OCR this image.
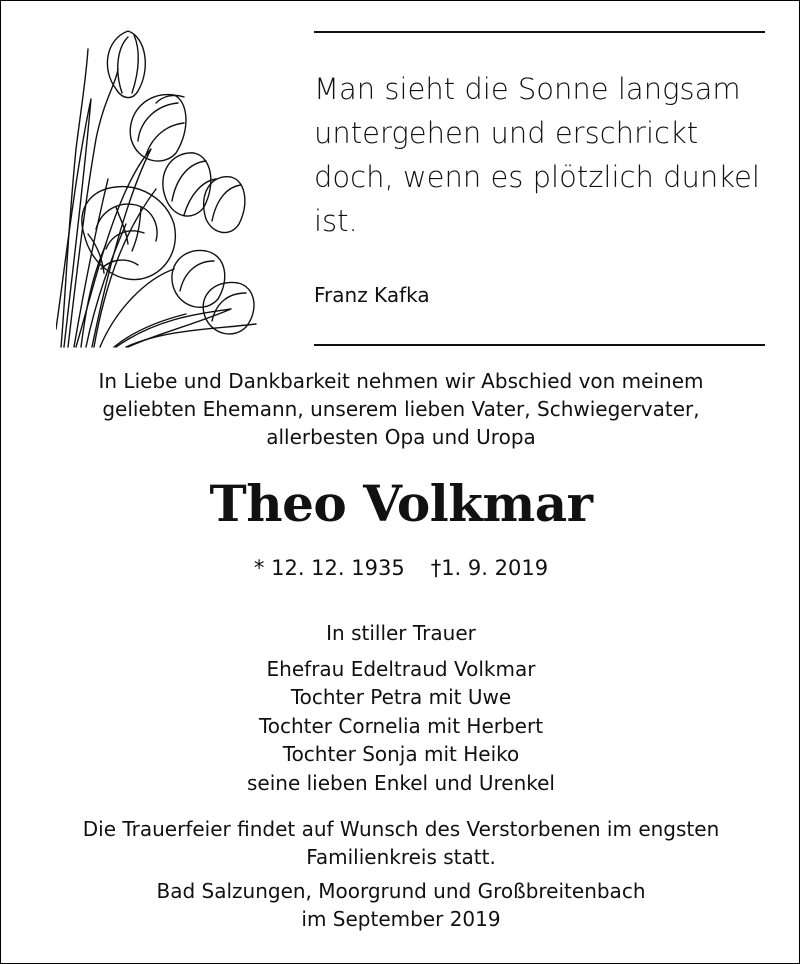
Man sieht die Sonne langsam
untergehen und erschrickt
doch, wenn es plötzlich dunkel
ist.
Franz Kafka
In Liebe und Dankbarkeit nehmen wir Abschied von meinem
geliebten Ehemann, unserem lieben Vater, Schwiegervater,
allerbesten Opa und Uropa
Theo Volkmar
* 12. 12. 1935 †1. 9. 2019
In stiller Trauer
Ehefrau Edeltraud Volkmar
Tochter Petra mit Uwe
Tochter Cornelia mit Herbert
Tochter Sonja mit Heiko
seine lieben Enkel und Urenkel
Die Trauerfeier findet auf Wunsch des Verstorbenen im engsten
Familienkreis statt.
Bad Salzungen, Moorgrund und Großbreitenbach
im September 2019
